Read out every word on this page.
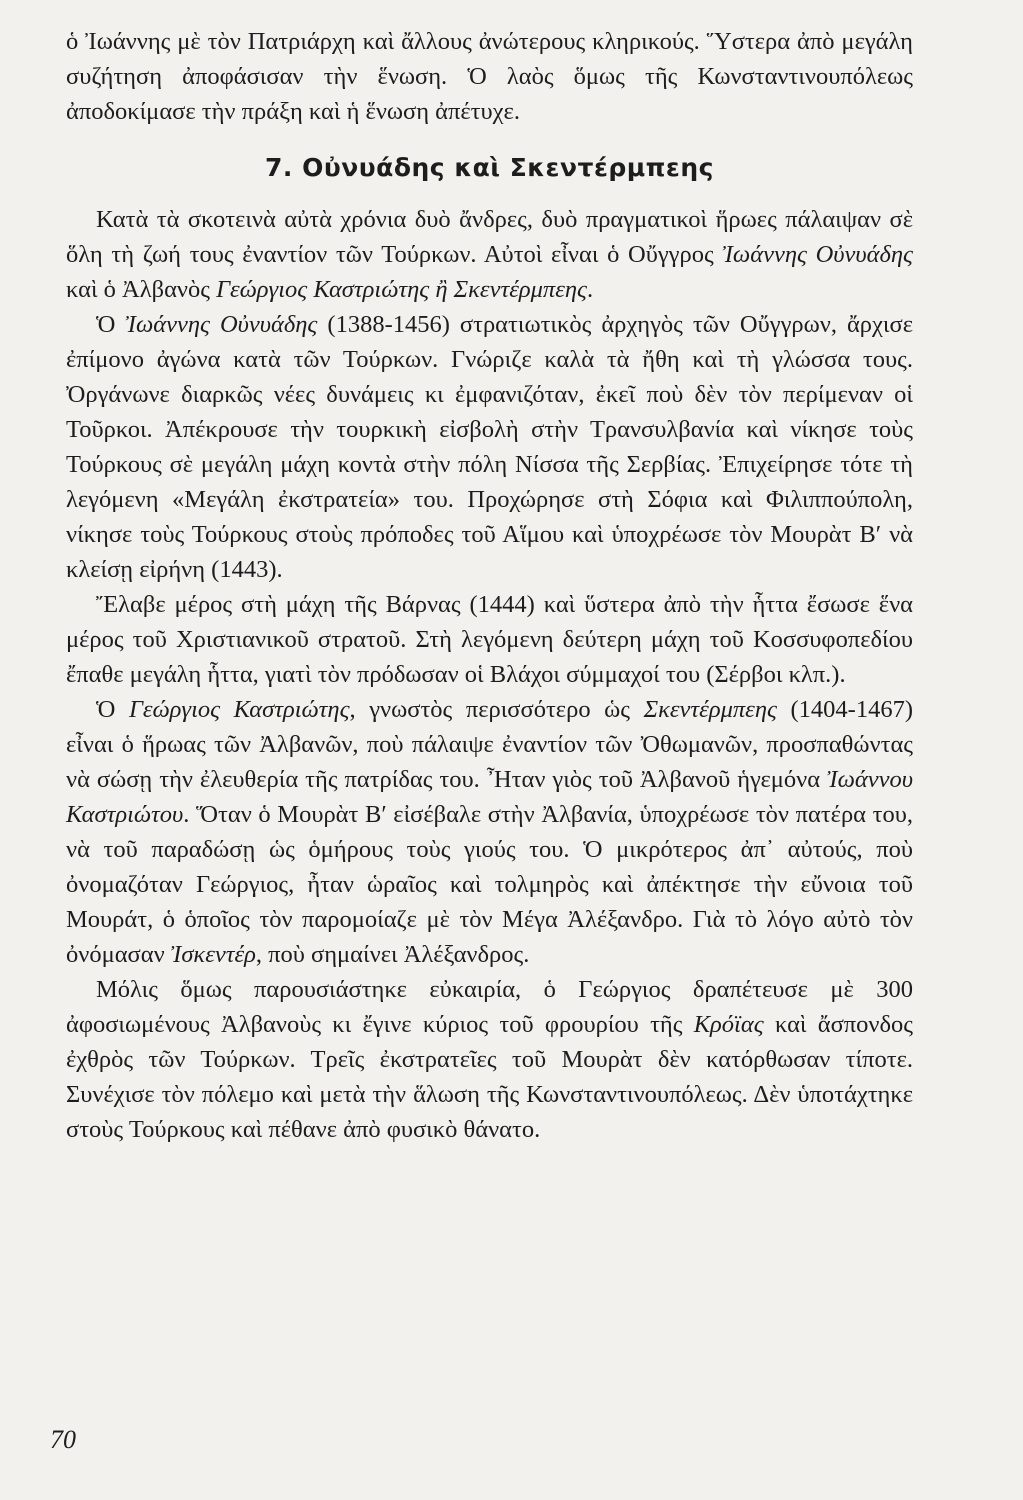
ὁ Ἰωάννης μὲ τὸν Πατριάρχη καὶ ἄλλους ἀνώτερους κληρικούς. Ὕστερα ἀπὸ μεγάλη συζήτηση ἀποφάσισαν τὴν ἕνωση. Ὁ λαὸς ὅμως τῆς Κωνσταντινουπόλεως ἀποδοκίμασε τὴν πράξη καὶ ἡ ἕνωση ἀπέτυχε.

7. Οὐνυάδης καὶ Σκεντέρμπεης

Κατὰ τὰ σκοτεινὰ αὐτὰ χρόνια δυὸ ἄνδρες, δυὸ πραγματικοὶ ἥρωες πάλαιψαν σὲ ὅλη τὴ ζωή τους ἐναντίον τῶν Τούρκων. Αὐτοὶ εἶναι ὁ Οὔγγρος Ἰωάννης Οὐνυάδης καὶ ὁ Ἀλβανὸς Γεώργιος Καστριώτης ἢ Σκεντέρμπεης.

Ὁ Ἰωάννης Οὐνυάδης (1388-1456) στρατιωτικὸς ἀρχηγὸς τῶν Οὔγγρων, ἄρχισε ἐπίμονο ἀγώνα κατὰ τῶν Τούρκων. Γνώριζε καλὰ τὰ ἤθη καὶ τὴ γλώσσα τους. Ὀργάνωνε διαρκῶς νέες δυνάμεις κι ἐμφανιζόταν, ἐκεῖ ποὺ δὲν τὸν περίμεναν οἱ Τοῦρκοι. Ἀπέκρουσε τὴν τουρκικὴ εἰσβολὴ στὴν Τρανσυλβανία καὶ νίκησε τοὺς Τούρκους σὲ μεγάλη μάχη κοντὰ στὴν πόλη Νίσσα τῆς Σερβίας. Ἐπιχείρησε τότε τὴ λεγόμενη «Μεγάλη ἐκστρατεία» του. Προχώρησε στὴ Σόφια καὶ Φιλιππούπολη, νίκησε τοὺς Τούρκους στοὺς πρόποδες τοῦ Αἵμου καὶ ὑποχρέωσε τὸν Μουρὰτ Β′ νὰ κλείσῃ εἰρήνη (1443).

Ἔλαβε μέρος στὴ μάχη τῆς Βάρνας (1444) καὶ ὕστερα ἀπὸ τὴν ἧττα ἔσωσε ἕνα μέρος τοῦ Χριστιανικοῦ στρατοῦ. Στὴ λεγόμενη δεύτερη μάχη τοῦ Κοσσυφοπεδίου ἔπαθε μεγάλη ἧττα, γιατὶ τὸν πρόδωσαν οἱ Βλάχοι σύμμαχοί του (Σέρβοι κλπ.).

Ὁ Γεώργιος Καστριώτης, γνωστὸς περισσότερο ὡς Σκεντέρμπεης (1404-1467) εἶναι ὁ ἥρωας τῶν Ἀλβανῶν, ποὺ πάλαιψε ἐναντίον τῶν Ὀθωμανῶν, προσπαθώντας νὰ σώσῃ τὴν ἐλευθερία τῆς πατρίδας του. Ἦταν γιὸς τοῦ Ἀλβανοῦ ἡγεμόνα Ἰωάννου Καστριώτου. Ὅταν ὁ Μουρὰτ Β′ εἰσέβαλε στὴν Ἀλβανία, ὑποχρέωσε τὸν πατέρα του, νὰ τοῦ παραδώσῃ ὡς ὁμήρους τοὺς γιούς του. Ὁ μικρότερος ἀπ᾿ αὐτούς, ποὺ ὀνομαζόταν Γεώργιος, ἦταν ὡραῖος καὶ τολμηρὸς καὶ ἀπέκτησε τὴν εὔνοια τοῦ Μουράτ, ὁ ὁποῖος τὸν παρομοίαζε μὲ τὸν Μέγα Ἀλέξανδρο. Γιὰ τὸ λόγο αὐτὸ τὸν ὀνόμασαν Ἰσκεντέρ, ποὺ σημαίνει Ἀλέξανδρος.

Μόλις ὅμως παρουσιάστηκε εὐκαιρία, ὁ Γεώργιος δραπέτευσε μὲ 300 ἀφοσιωμένους Ἀλβανοὺς κι ἔγινε κύριος τοῦ φρουρίου τῆς Κρόϊας καὶ ἄσπονδος ἐχθρὸς τῶν Τούρκων. Τρεῖς ἐκστρατεῖες τοῦ Μουρὰτ δὲν κατόρθωσαν τίποτε. Συνέχισε τὸν πόλεμο καὶ μετὰ τὴν ἅλωση τῆς Κωνσταντινουπόλεως. Δὲν ὑποτάχτηκε στοὺς Τούρκους καὶ πέθανε ἀπὸ φυσικὸ θάνατο.

70
